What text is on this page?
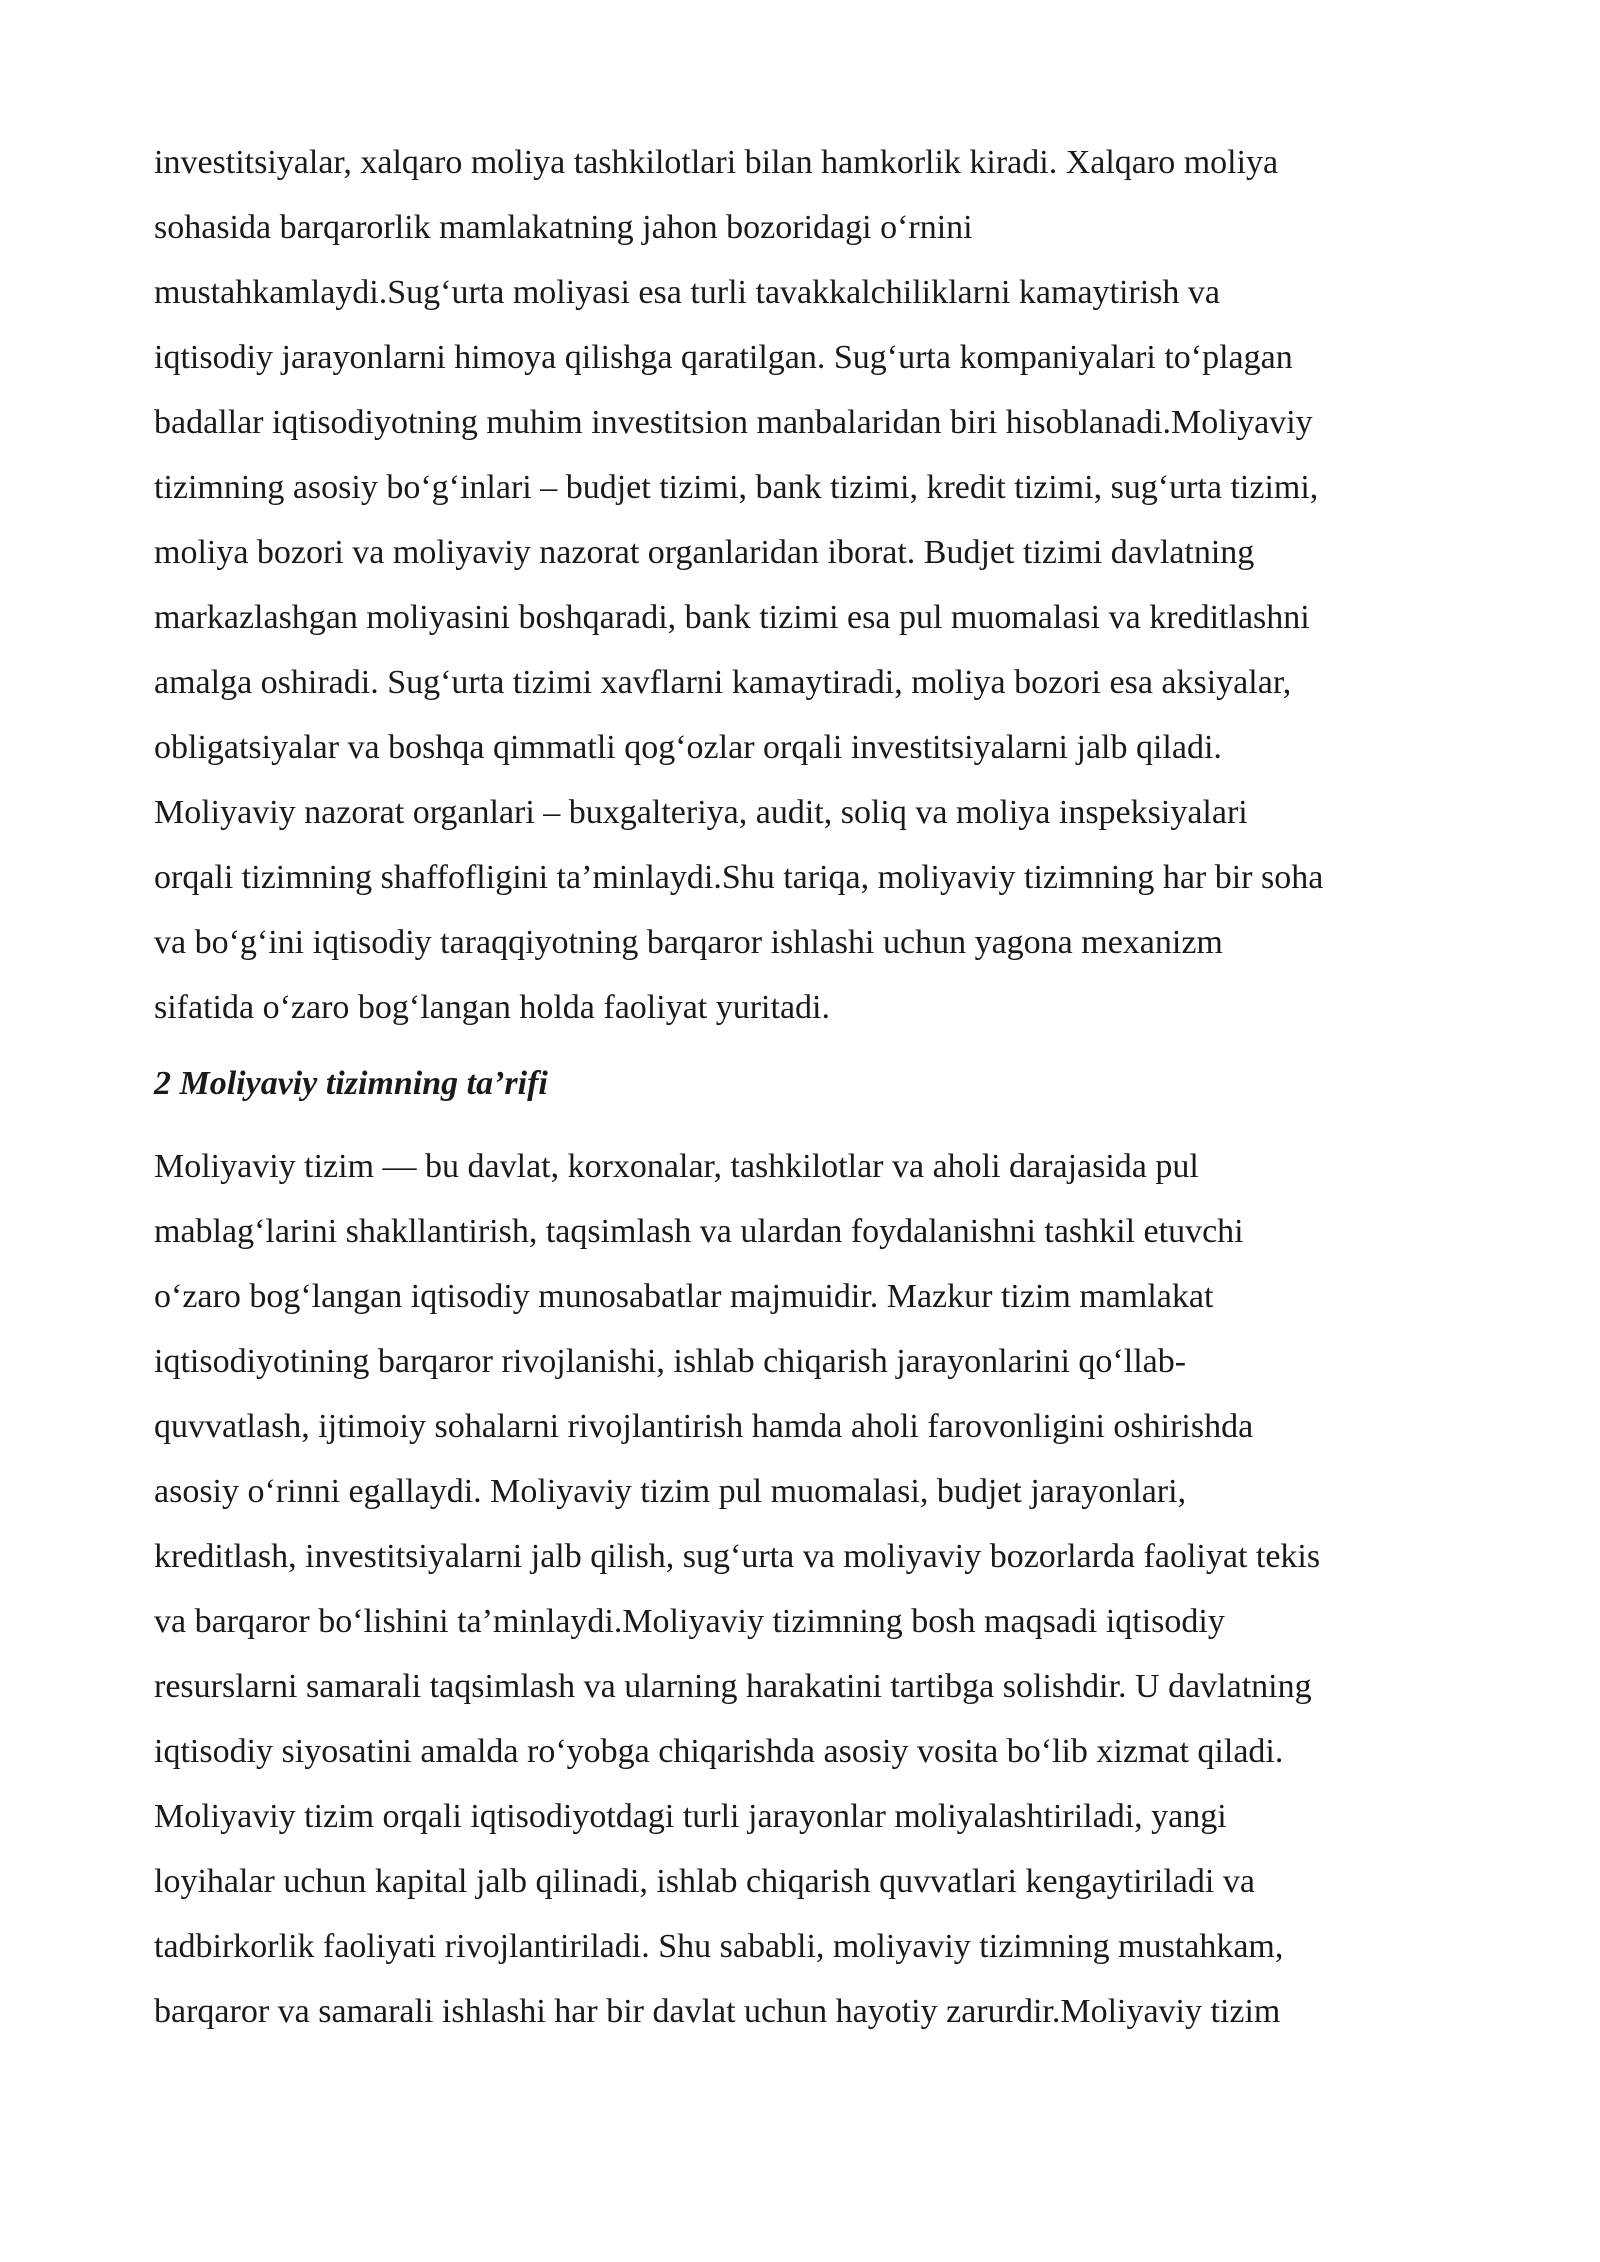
investitsiyalar, xalqaro moliya tashkilotlari bilan hamkorlik kiradi. Xalqaro moliya
sohasida barqarorlik mamlakatning jahon bozoridagi o‘rnini
mustahkamlaydi.Sug‘urta moliyasi esa turli tavakkalchiliklarni kamaytirish va
iqtisodiy jarayonlarni himoya qilishga qaratilgan. Sug‘urta kompaniyalari to‘plagan
badallar iqtisodiyotning muhim investitsion manbalaridan biri hisoblanadi.Moliyaviy
tizimning asosiy bo‘g‘inlari – budjet tizimi, bank tizimi, kredit tizimi, sug‘urta tizimi,
moliya bozori va moliyaviy nazorat organlaridan iborat. Budjet tizimi davlatning
markazlashgan moliyasini boshqaradi, bank tizimi esa pul muomalasi va kreditlashni
amalga oshiradi. Sug‘urta tizimi xavflarni kamaytiradi, moliya bozori esa aksiyalar,
obligatsiyalar va boshqa qimmatli qog‘ozlar orqali investitsiyalarni jalb qiladi.
Moliyaviy nazorat organlari – buxgalteriya, audit, soliq va moliya inspeksiyalari
orqali tizimning shaffofligini ta’minlaydi.Shu tariqa, moliyaviy tizimning har bir soha
va bo‘g‘ini iqtisodiy taraqqiyotning barqaror ishlashi uchun yagona mexanizm
sifatida o‘zaro bog‘langan holda faoliyat yuritadi.
2 Moliyaviy tizimning ta’rifi
Moliyaviy tizim — bu davlat, korxonalar, tashkilotlar va aholi darajasida pul
mablag‘larini shakllantirish, taqsimlash va ulardan foydalanishni tashkil etuvchi
o‘zaro bog‘langan iqtisodiy munosabatlar majmuidir. Mazkur tizim mamlakat
iqtisodiyotining barqaror rivojlanishi, ishlab chiqarish jarayonlarini qo‘llab-
quvvatlash, ijtimoiy sohalarni rivojlantirish hamda aholi farovonligini oshirishda
asosiy o‘rinni egallaydi. Moliyaviy tizim pul muomalasi, budjet jarayonlari,
kreditlash, investitsiyalarni jalb qilish, sug‘urta va moliyaviy bozorlarda faoliyat tekis
va barqaror bo‘lishini ta’minlaydi.Moliyaviy tizimning bosh maqsadi iqtisodiy
resurslarni samarali taqsimlash va ularning harakatini tartibga solishdir. U davlatning
iqtisodiy siyosatini amalda ro‘yobga chiqarishda asosiy vosita bo‘lib xizmat qiladi.
Moliyaviy tizim orqali iqtisodiyotdagi turli jarayonlar moliyalashtiriladi, yangi
loyihalar uchun kapital jalb qilinadi, ishlab chiqarish quvvatlari kengaytiriladi va
tadbirkorlik faoliyati rivojlantiriladi. Shu sababli, moliyaviy tizimning mustahkam,
barqaror va samarali ishlashi har bir davlat uchun hayotiy zarurdir.Moliyaviy tizim
